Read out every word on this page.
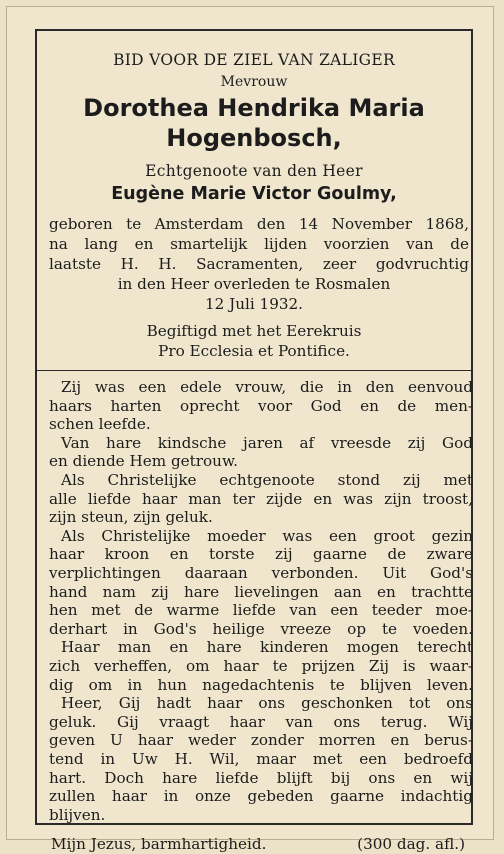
BID VOOR DE ZIEL VAN ZALIGER
Mevrouw
Dorothea Hendrika Maria
Hogenbosch,
Echtgenoote van den Heer
Eugène Marie Victor Goulmy,
geboren te Amsterdam den 14 November 1868,
na lang en smartelijk lijden voorzien van de
laatste H. H. Sacramenten, zeer godvruchtig
in den Heer overleden te Rosmalen
12 Juli 1932.
Begiftigd met het Eerekruis
Pro Ecclesia et Pontifice.
Zij was een edele vrouw, die in den eenvoud
haars harten oprecht voor God en de men-
schen leefde.
Van hare kindsche jaren af vreesde zij God
en diende Hem getrouw.
Als Christelijke echtgenoote stond zij met
alle liefde haar man ter zijde en was zijn troost,
zijn steun, zijn geluk.
Als Christelijke moeder was een groot gezin
haar kroon en torste zij gaarne de zware
verplichtingen daaraan verbonden. Uit God's
hand nam zij hare lievelingen aan en trachtte
hen met de warme liefde van een teeder moe-
derhart in God's heilige vreeze op te voeden.
Haar man en hare kinderen mogen terecht
zich verheffen, om haar te prijzen Zij is waar-
dig om in hun nagedachtenis te blijven leven.
Heer, Gij hadt haar ons geschonken tot ons
geluk. Gij vraagt haar van ons terug. Wij
geven U haar weder zonder morren en berus-
tend in Uw H. Wil, maar met een bedroefd
hart. Doch hare liefde blijft bij ons en wij
zullen haar in onze gebeden gaarne indachtig
blijven.
Mijn Jezus, barmhartigheid.	(300 dag. afl.)
